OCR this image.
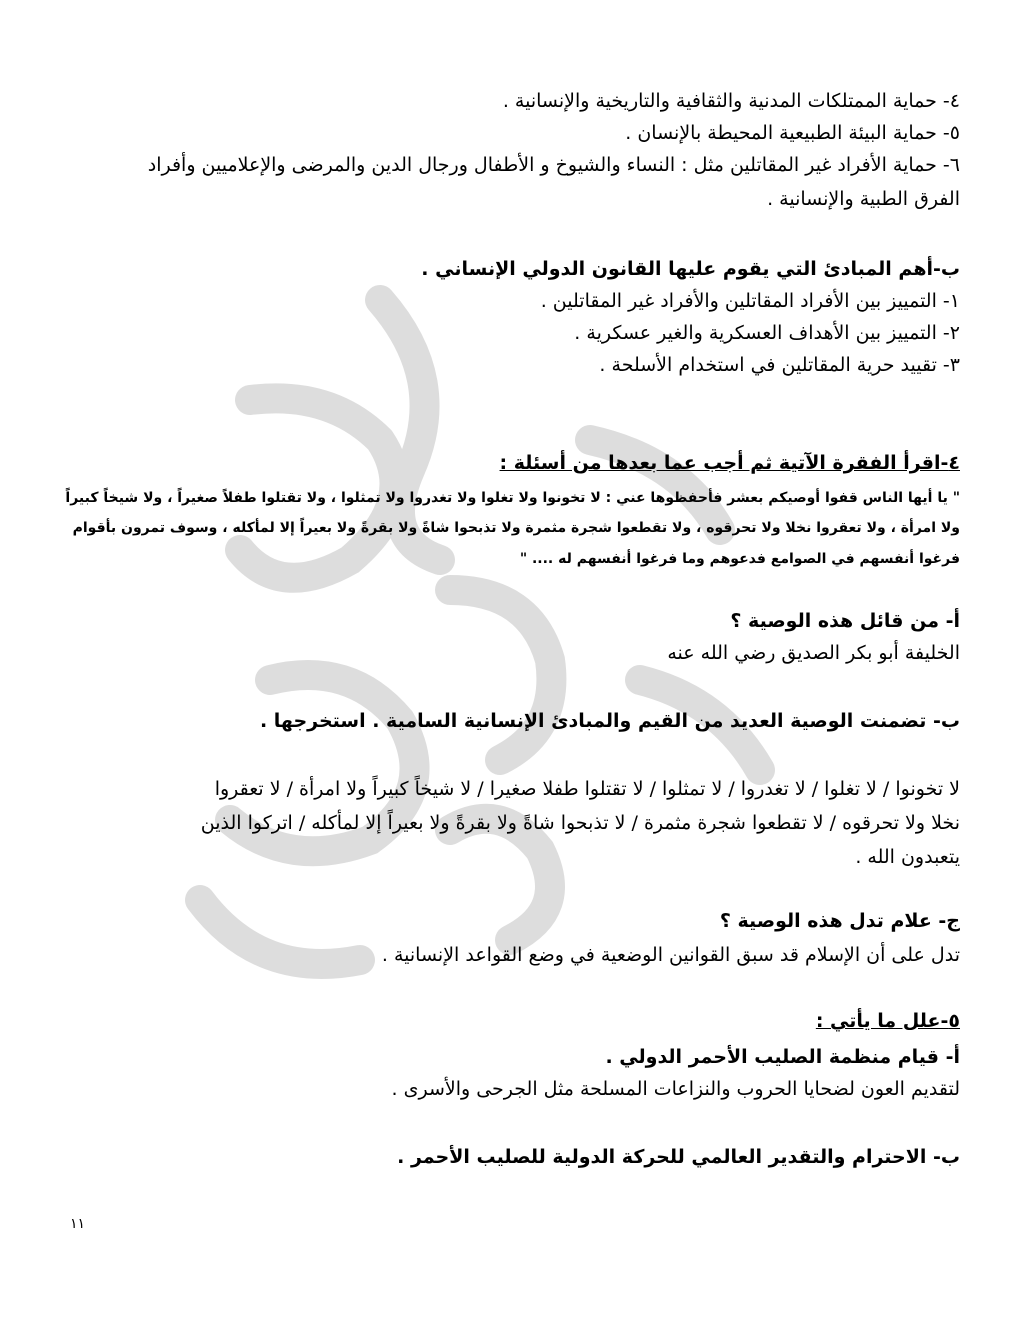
٤- حماية الممتلكات المدنية والثقافية والتاريخية والإنسانية .
٥- حماية البيئة الطبيعية المحيطة بالإنسان .
٦- حماية الأفراد غير المقاتلين مثل : النساء والشيوخ و الأطفال ورجال الدين والمرضى والإعلاميين وأفراد
الفرق الطبية والإنسانية .
ب-أهم المبادئ التي يقوم عليها القانون الدولي الإنساني .
١- التمييز بين الأفراد المقاتلين والأفراد غير المقاتلين .
٢- التمييز بين الأهداف العسكرية والغير عسكرية .
٣- تقييد حرية المقاتلين في استخدام الأسلحة .
٤-اقرأ الفقرة الآتية ثم أجب عما بعدها من أسئلة :
" يا أيها الناس قفوا أوصيكم بعشر فأحفظوها عني : لا تخونوا ولا تغلوا ولا تغدروا ولا تمثلوا ، ولا تقتلوا طفلاً صغيراً ، ولا شيخاً كبيراً
ولا امرأة ، ولا تعقروا نخلا ولا تحرقوه ، ولا تقطعوا شجرة مثمرة ولا تذبحوا شاةً ولا بقرةً ولا بعيراً إلا لمأكله ، وسوف تمرون بأقوام
فرغوا أنفسهم في الصوامع فدعوهم وما فرغوا أنفسهم له .... "
أ- من قائل هذه الوصية ؟
الخليفة أبو بكر الصديق رضي الله عنه
ب- تضمنت الوصية العديد من القيم والمبادئ الإنسانية السامية . استخرجها .
لا تخونوا / لا تغلوا / لا تغدروا / لا تمثلوا / لا تقتلوا طفلا صغيرا / لا شيخاً كبيراً ولا امرأة / لا تعقروا
نخلا ولا تحرقوه / لا تقطعوا شجرة مثمرة / لا تذبحوا شاةً ولا بقرةً ولا بعيراً إلا لمأكله / اتركوا الذين
يتعبدون الله .
ج- علام تدل هذه الوصية ؟
تدل على أن الإسلام قد سبق القوانين الوضعية في وضع القواعد الإنسانية .
٥-علل ما يأتي :
أ- قيام منظمة الصليب الأحمر الدولي .
لتقديم العون لضحايا الحروب والنزاعات المسلحة مثل الجرحى والأسرى .
ب- الاحترام والتقدير العالمي للحركة الدولية للصليب الأحمر .
١١
